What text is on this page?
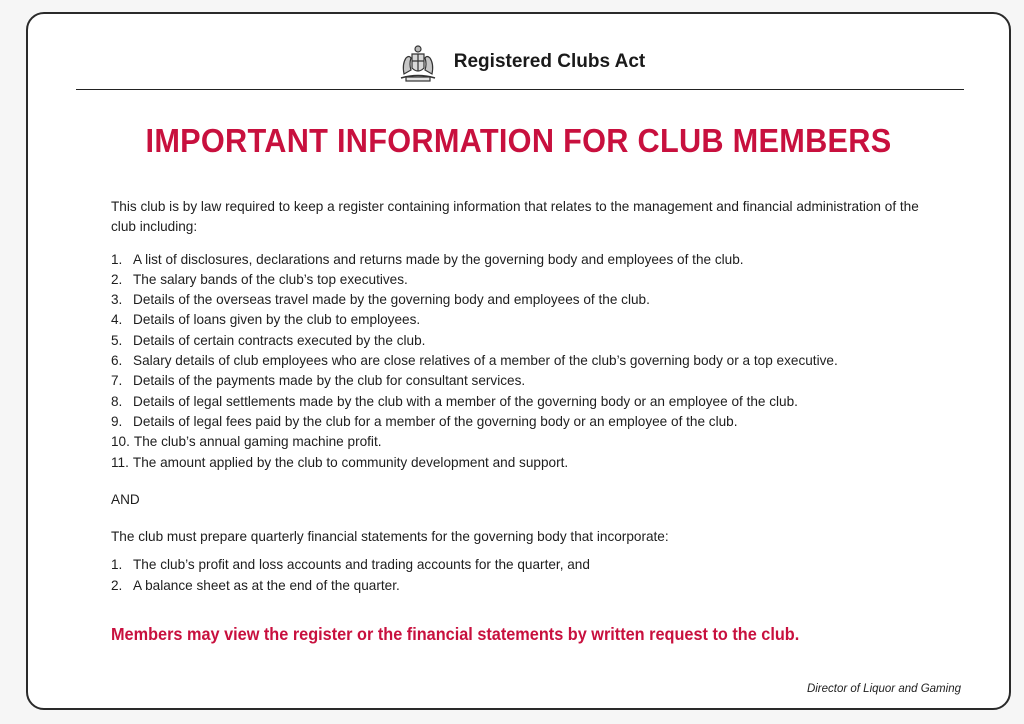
Registered Clubs Act
IMPORTANT INFORMATION FOR CLUB MEMBERS

This club is by law required to keep a register containing information that relates to the management and financial administration of the club including:

1. A list of disclosures, declarations and returns made by the governing body and employees of the club.
2. The salary bands of the club’s top executives.
3. Details of the overseas travel made by the governing body and employees of the club.
4. Details of loans given by the club to employees.
5. Details of certain contracts executed by the club.
6. Salary details of club employees who are close relatives of a member of the club’s governing body or a top executive.
7. Details of the payments made by the club for consultant services.
8. Details of legal settlements made by the club with a member of the governing body or an employee of the club.
9. Details of legal fees paid by the club for a member of the governing body or an employee of the club.
10. The club’s annual gaming machine profit.
11. The amount applied by the club to community development and support.

AND

The club must prepare quarterly financial statements for the governing body that incorporate:

1. The club’s profit and loss accounts and trading accounts for the quarter, and
2. A balance sheet as at the end of the quarter.
Members may view the register or the financial statements by written request to the club.
Director of Liquor and Gaming
